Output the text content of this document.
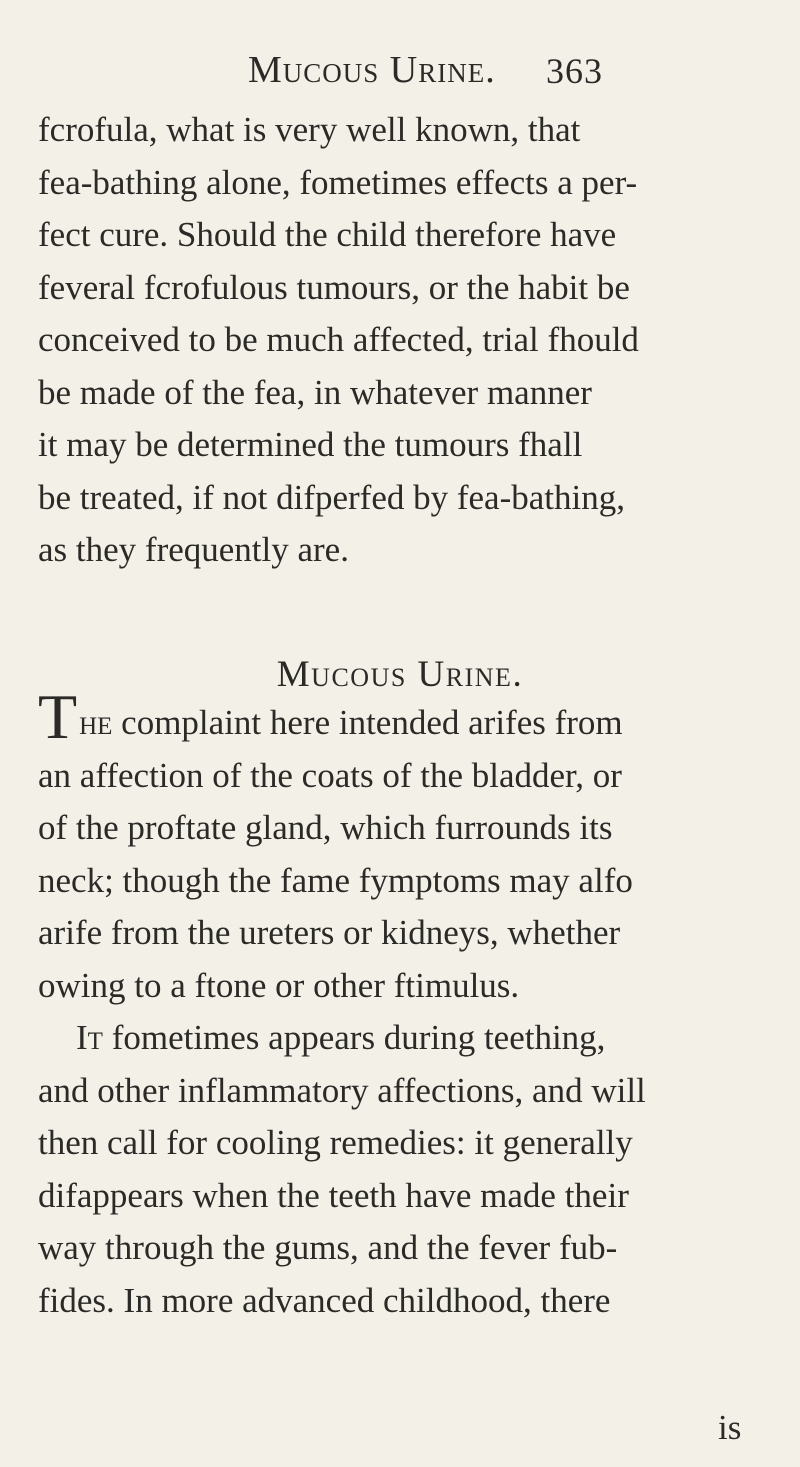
Mucous Urine. 363
fcrofula, what is very well known, that
fea-bathing alone, fometimes effects a per-
fect cure. Should the child therefore have
feveral fcrofulous tumours, or the habit be
conceived to be much affected, trial fhould
be made of the fea, in whatever manner
it may be determined the tumours fhall
be treated, if not difperfed by fea-bathing,
as they frequently are.
Mucous Urine.
The complaint here intended arifes from
an affection of the coats of the bladder, or
of the proftate gland, which furrounds its
neck; though the fame fymptoms may alfo
arife from the ureters or kidneys, whether
owing to a ftone or other ftimulus.
It fometimes appears during teething,
and other inflammatory affections, and will
then call for cooling remedies: it generally
difappears when the teeth have made their
way through the gums, and the fever fub-
fides. In more advanced childhood, there
is
